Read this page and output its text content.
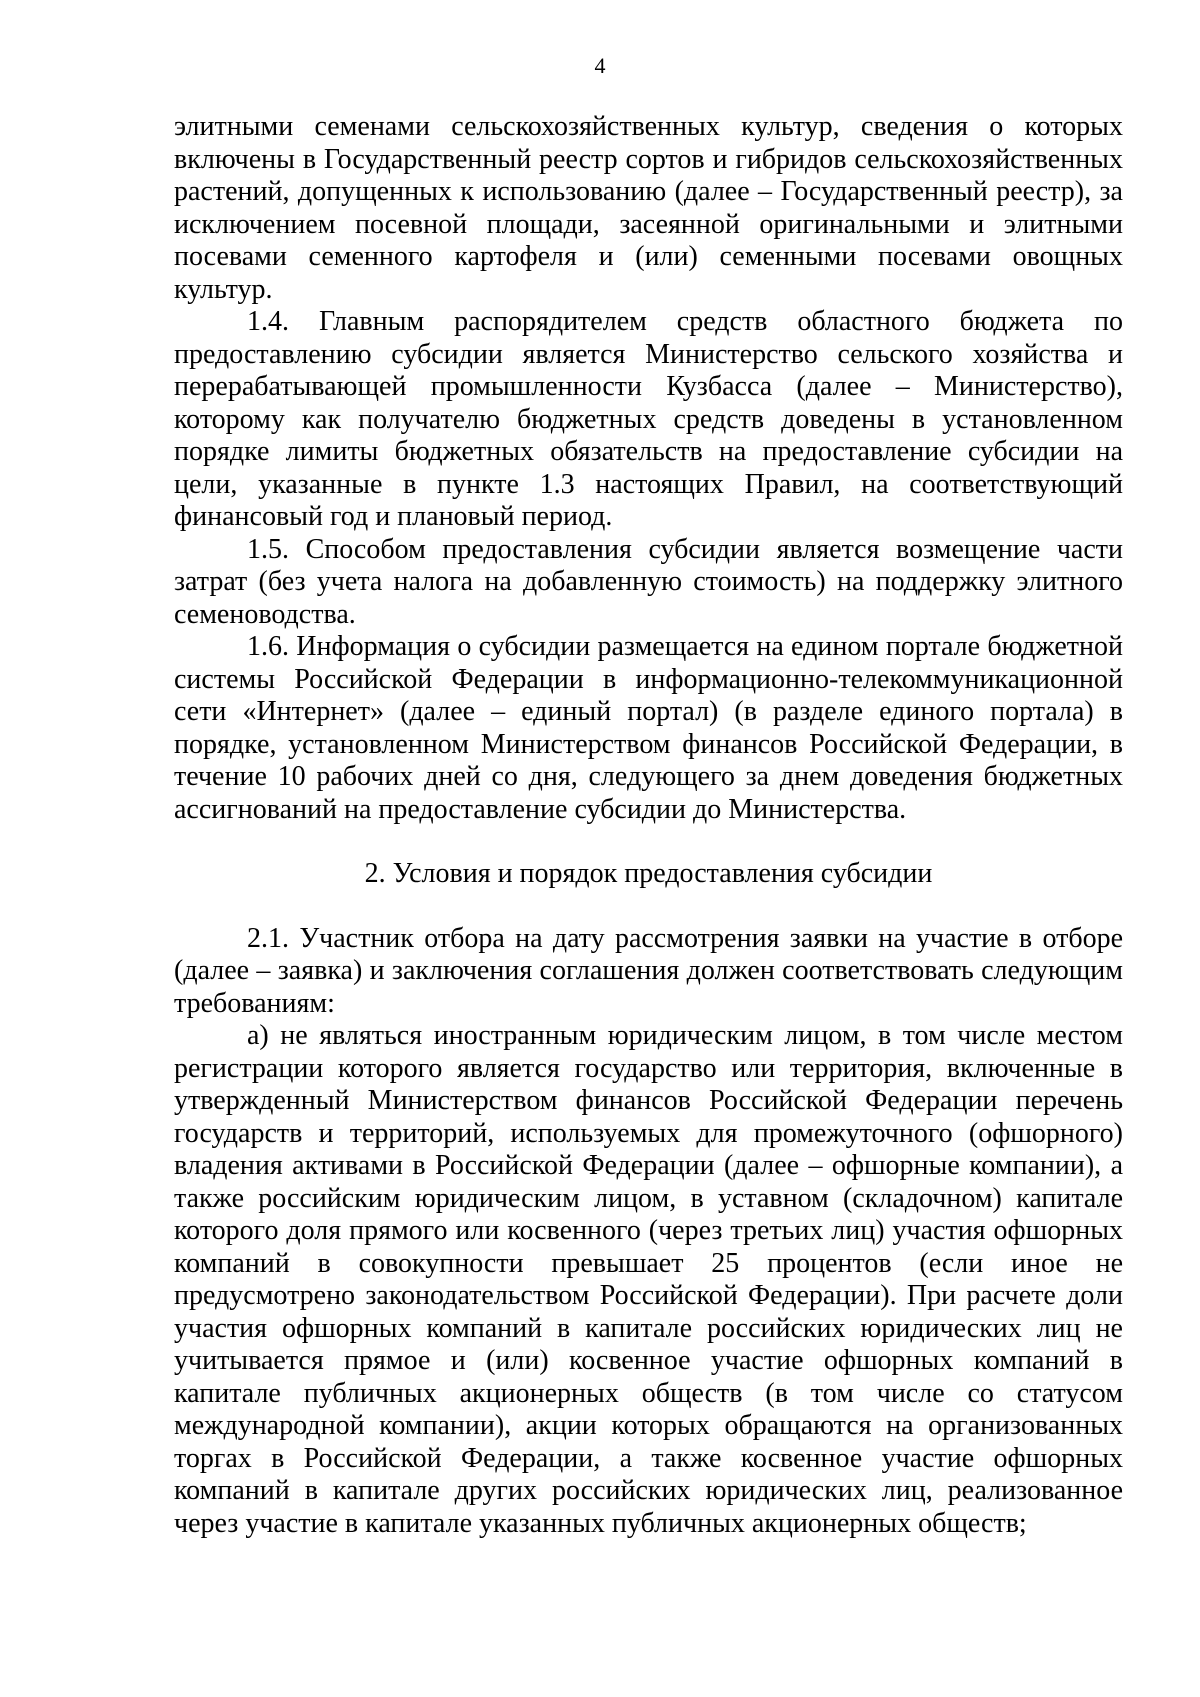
4

элитными семенами сельскохозяйственных культур, сведения о которых включены в Государственный реестр сортов и гибридов сельскохозяйственных растений, допущенных к использованию (далее – Государственный реестр), за исключением посевной площади, засеянной оригинальными и элитными посевами семенного картофеля и (или) семенными посевами овощных культур.

1.4. Главным распорядителем средств областного бюджета по предоставлению субсидии является Министерство сельского хозяйства и перерабатывающей промышленности Кузбасса (далее – Министерство), которому как получателю бюджетных средств доведены в установленном порядке лимиты бюджетных обязательств на предоставление субсидии на цели, указанные в пункте 1.3 настоящих Правил, на соответствующий финансовый год и плановый период.

1.5. Способом предоставления субсидии является возмещение части затрат (без учета налога на добавленную стоимость) на поддержку элитного семеноводства.

1.6. Информация о субсидии размещается на едином портале бюджетной системы Российской Федерации в информационно-телекоммуникационной сети «Интернет» (далее – единый портал) (в разделе единого портала) в порядке, установленном Министерством финансов Российской Федерации, в течение 10 рабочих дней со дня, следующего за днем доведения бюджетных ассигнований на предоставление субсидии до Министерства.

2. Условия и порядок предоставления субсидии

2.1. Участник отбора на дату рассмотрения заявки на участие в отборе (далее – заявка) и заключения соглашения должен соответствовать следующим требованиям:

а) не являться иностранным юридическим лицом, в том числе местом регистрации которого является государство или территория, включенные в утвержденный Министерством финансов Российской Федерации перечень государств и территорий, используемых для промежуточного (офшорного) владения активами в Российской Федерации (далее – офшорные компании), а также российским юридическим лицом, в уставном (складочном) капитале которого доля прямого или косвенного (через третьих лиц) участия офшорных компаний в совокупности превышает 25 процентов (если иное не предусмотрено законодательством Российской Федерации). При расчете доли участия офшорных компаний в капитале российских юридических лиц не учитывается прямое и (или) косвенное участие офшорных компаний в капитале публичных акционерных обществ (в том числе со статусом международной компании), акции которых обращаются на организованных торгах в Российской Федерации, а также косвенное участие офшорных компаний в капитале других российских юридических лиц, реализованное через участие в капитале указанных публичных акционерных обществ;
